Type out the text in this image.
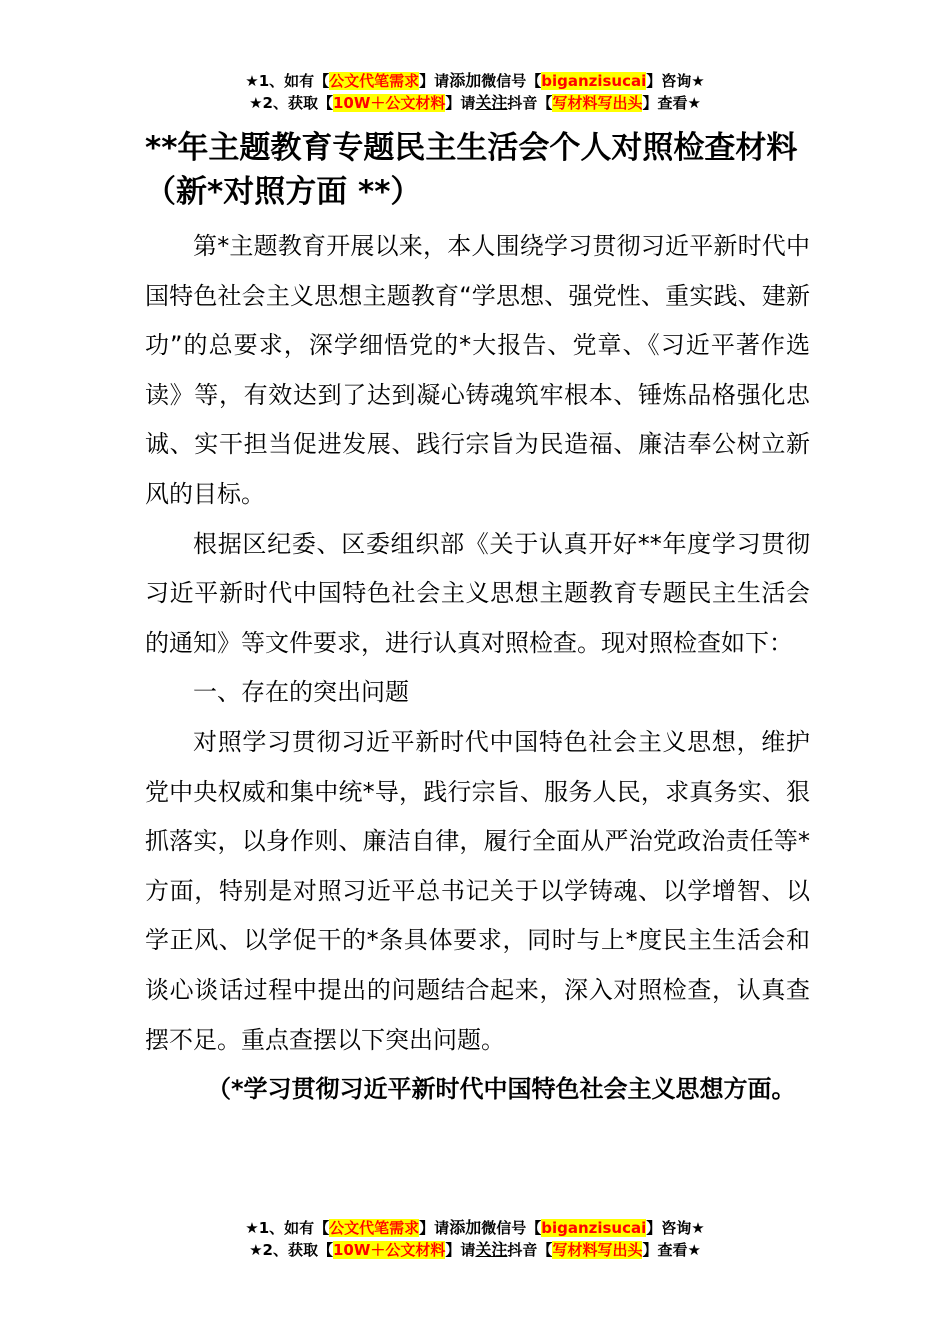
★1、如有【公文代笔需求】请添加微信号【biganzisucai】咨询★
★2、获取【10W＋公文材料】请关注抖音【写材料写出头】查看★
**年主题教育专题民主生活会个人对照检查材料（新*对照方面 **）

第*主题教育开展以来，本人围绕学习贯彻习近平新时代中国特色社会主义思想主题教育“学思想、强党性、重实践、建新功”的总要求，深学细悟党的*大报告、党章、《习近平著作选读》等，有效达到了达到凝心铸魂筑牢根本、锤炼品格强化忠诚、实干担当促进发展、践行宗旨为民造福、廉洁奉公树立新风的目标。

根据区纪委、区委组织部《关于认真开好**年度学习贯彻习近平新时代中国特色社会主义思想主题教育专题民主生活会的通知》等文件要求，进行认真对照检查。现对照检查如下：

一、存在的突出问题

对照学习贯彻习近平新时代中国特色社会主义思想，维护党中央权威和集中统*导，践行宗旨、服务人民，求真务实、狠抓落实，以身作则、廉洁自律，履行全面从严治党政治责任等*方面，特别是对照习近平总书记关于以学铸魂、以学增智、以学正风、以学促干的*条具体要求，同时与上*度民主生活会和谈心谈话过程中提出的问题结合起来，深入对照检查，认真查摆不足。重点查摆以下突出问题。

（*学习贯彻习近平新时代中国特色社会主义思想方面。

★1、如有【公文代笔需求】请添加微信号【biganzisucai】咨询★
★2、获取【10W＋公文材料】请关注抖音【写材料写出头】查看★
